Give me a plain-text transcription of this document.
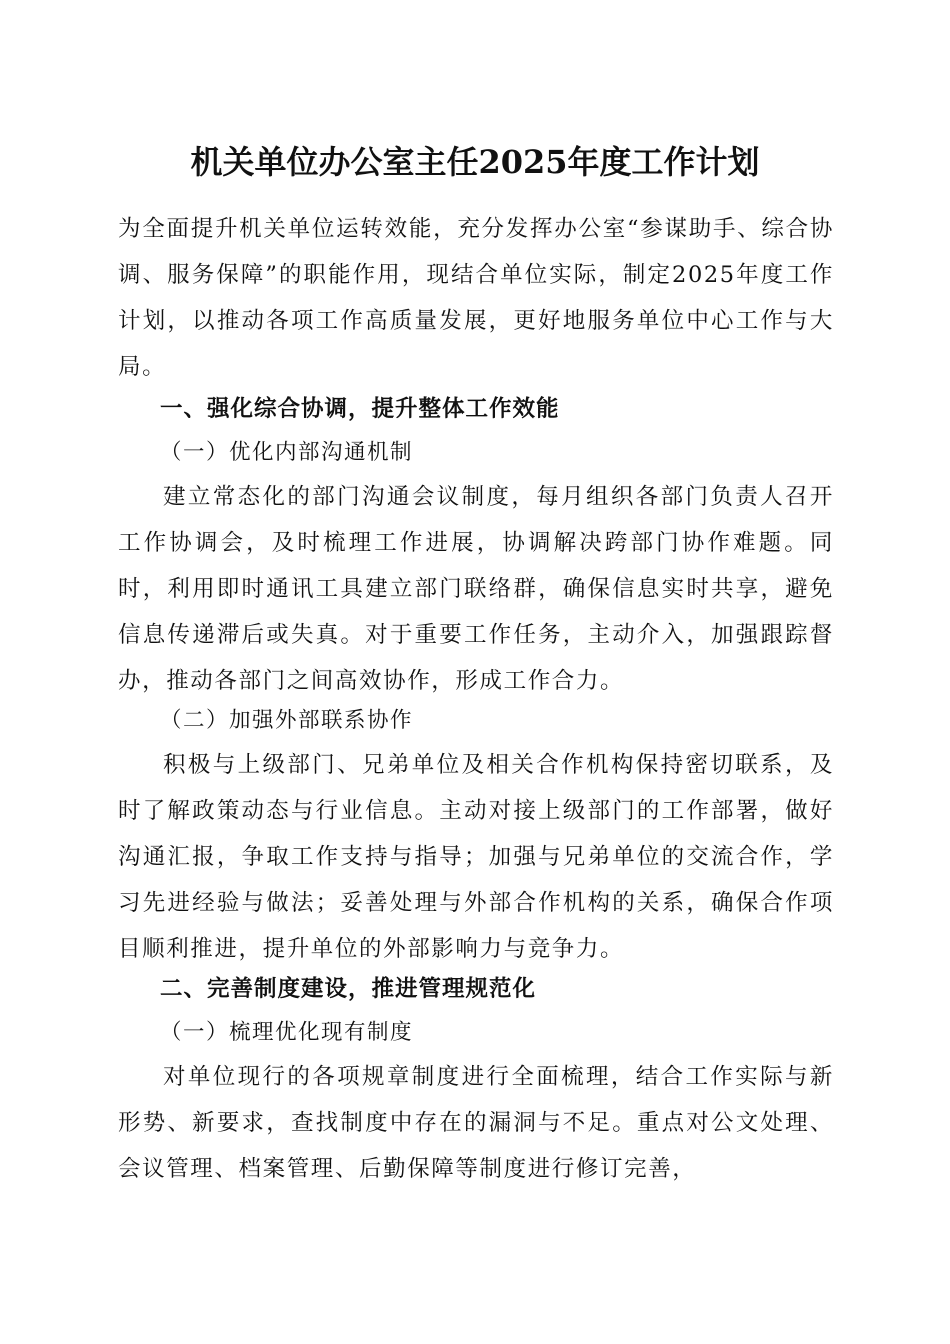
机关单位办公室主任2025年度工作计划
为全面提升机关单位运转效能，充分发挥办公室“参谋助手、综合协调、服务保障”的职能作用，现结合单位实际，制定2025年度工作计划，以推动各项工作高质量发展，更好地服务单位中心工作与大局。
一、强化综合协调，提升整体工作效能
（一）优化内部沟通机制
建立常态化的部门沟通会议制度，每月组织各部门负责人召开工作协调会，及时梳理工作进展，协调解决跨部门协作难题。同时，利用即时通讯工具建立部门联络群，确保信息实时共享，避免信息传递滞后或失真。对于重要工作任务，主动介入，加强跟踪督办，推动各部门之间高效协作，形成工作合力。
（二）加强外部联系协作
积极与上级部门、兄弟单位及相关合作机构保持密切联系，及时了解政策动态与行业信息。主动对接上级部门的工作部署，做好沟通汇报，争取工作支持与指导；加强与兄弟单位的交流合作，学习先进经验与做法；妥善处理与外部合作机构的关系，确保合作项目顺利推进，提升单位的外部影响力与竞争力。
二、完善制度建设，推进管理规范化
（一）梳理优化现有制度
对单位现行的各项规章制度进行全面梳理，结合工作实际与新形势、新要求，查找制度中存在的漏洞与不足。重点对公文处理、会议管理、档案管理、后勤保障等制度进行修订完善，
